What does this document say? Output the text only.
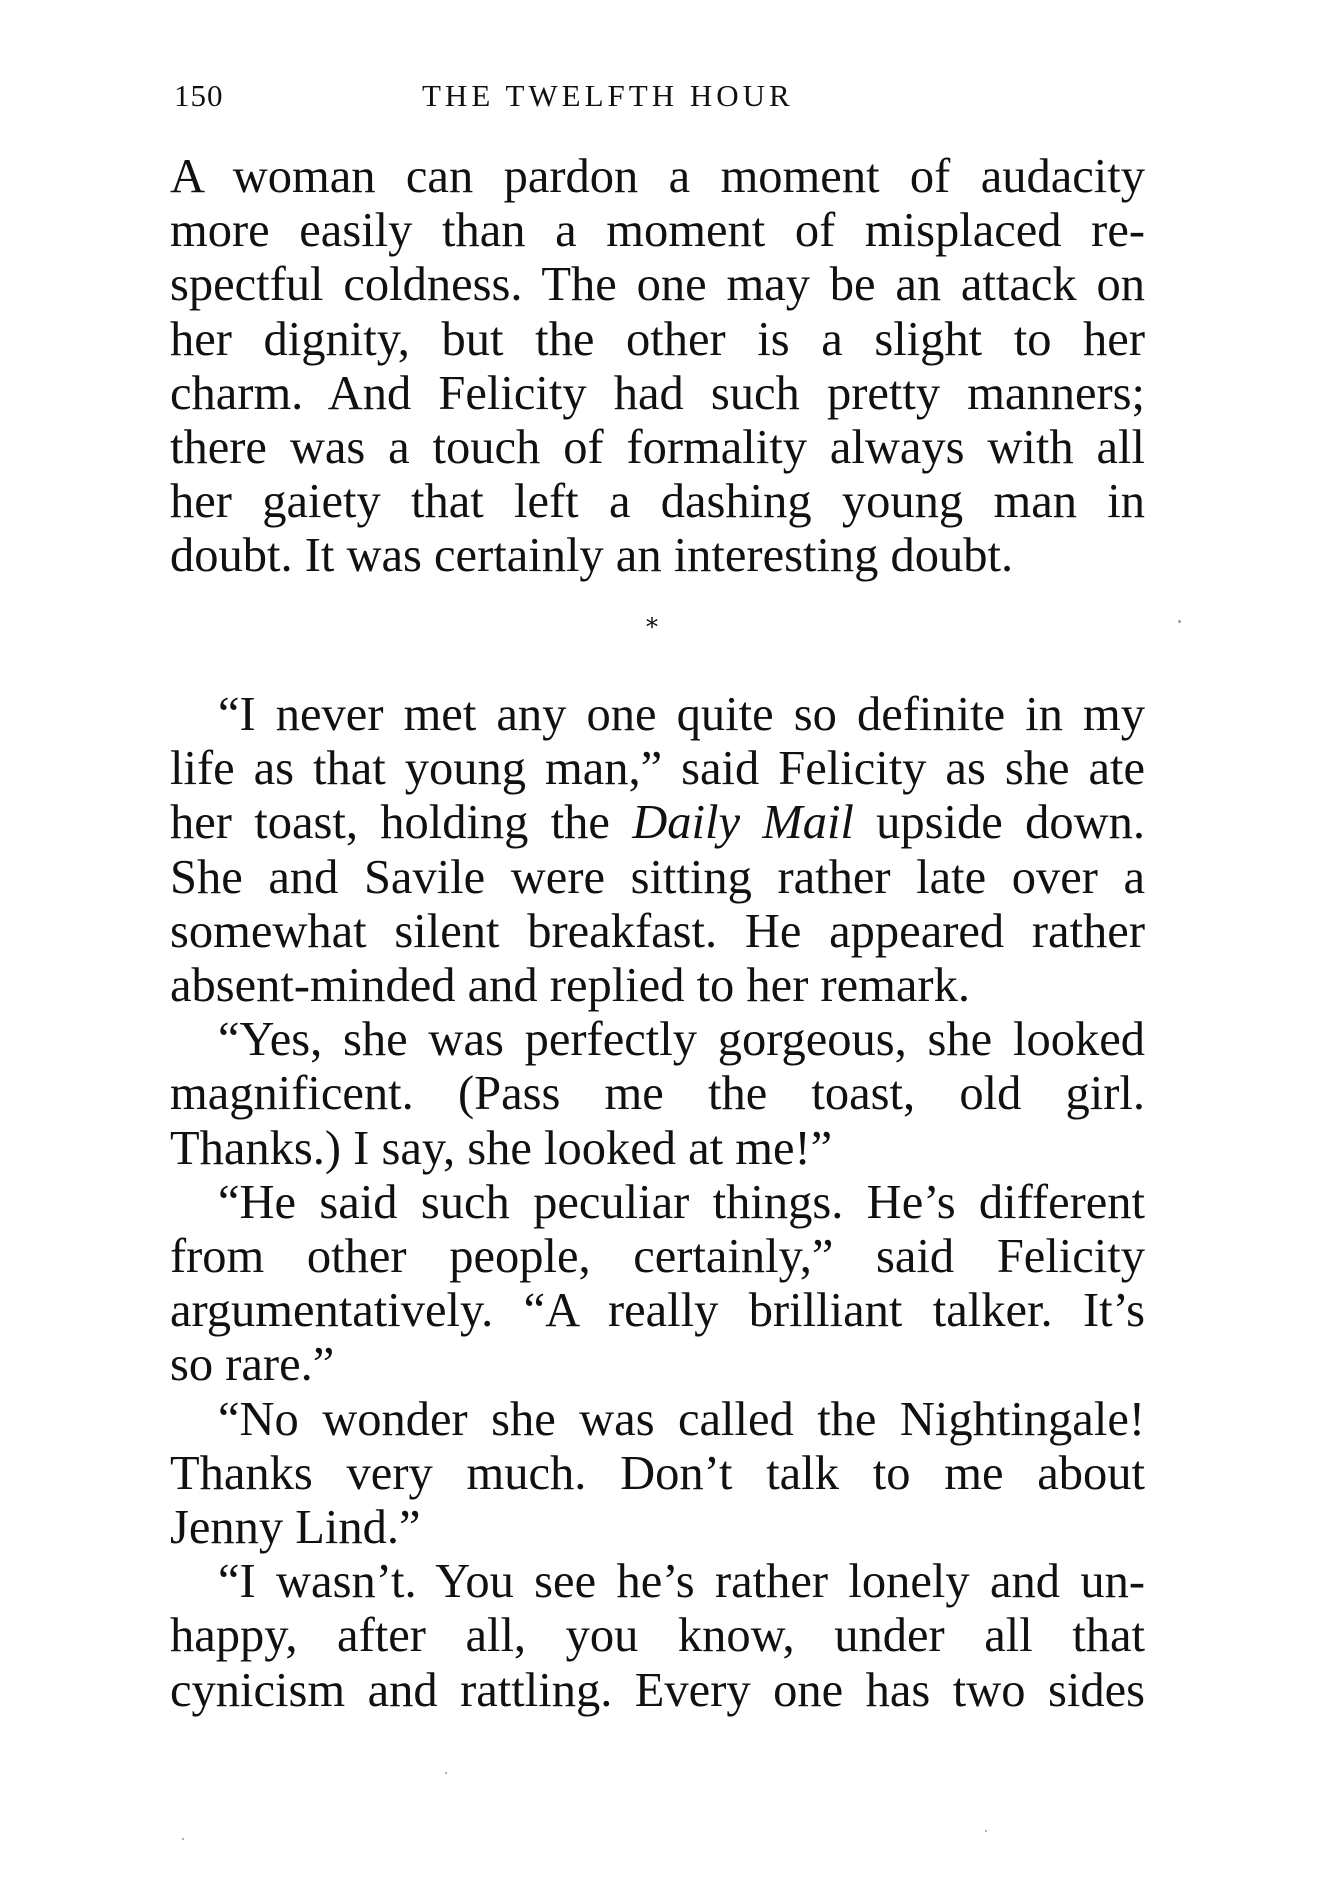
150	THE TWELFTH HOUR
A woman can pardon a moment of audacity
more easily than a moment of misplaced re-
spectful coldness. The one may be an attack on
her dignity, but the other is a slight to her
charm. And Felicity had such pretty manners;
there was a touch of formality always with all
her gaiety that left a dashing young man in
doubt. It was certainly an interesting doubt.
*
“I never met any one quite so definite in my
life as that young man,” said Felicity as she ate
her toast, holding the Daily Mail upside down.
She and Savile were sitting rather late over a
somewhat silent breakfast. He appeared rather
absent-minded and replied to her remark.
“Yes, she was perfectly gorgeous, she looked
magnificent. (Pass me the toast, old girl.
Thanks.) I say, she looked at me!”
“He said such peculiar things. He’s different
from other people, certainly,” said Felicity
argumentatively. “A really brilliant talker. It’s
so rare.”
“No wonder she was called the Nightingale!
Thanks very much. Don’t talk to me about
Jenny Lind.”
“I wasn’t. You see he’s rather lonely and un-
happy, after all, you know, under all that
cynicism and rattling. Every one has two sides
